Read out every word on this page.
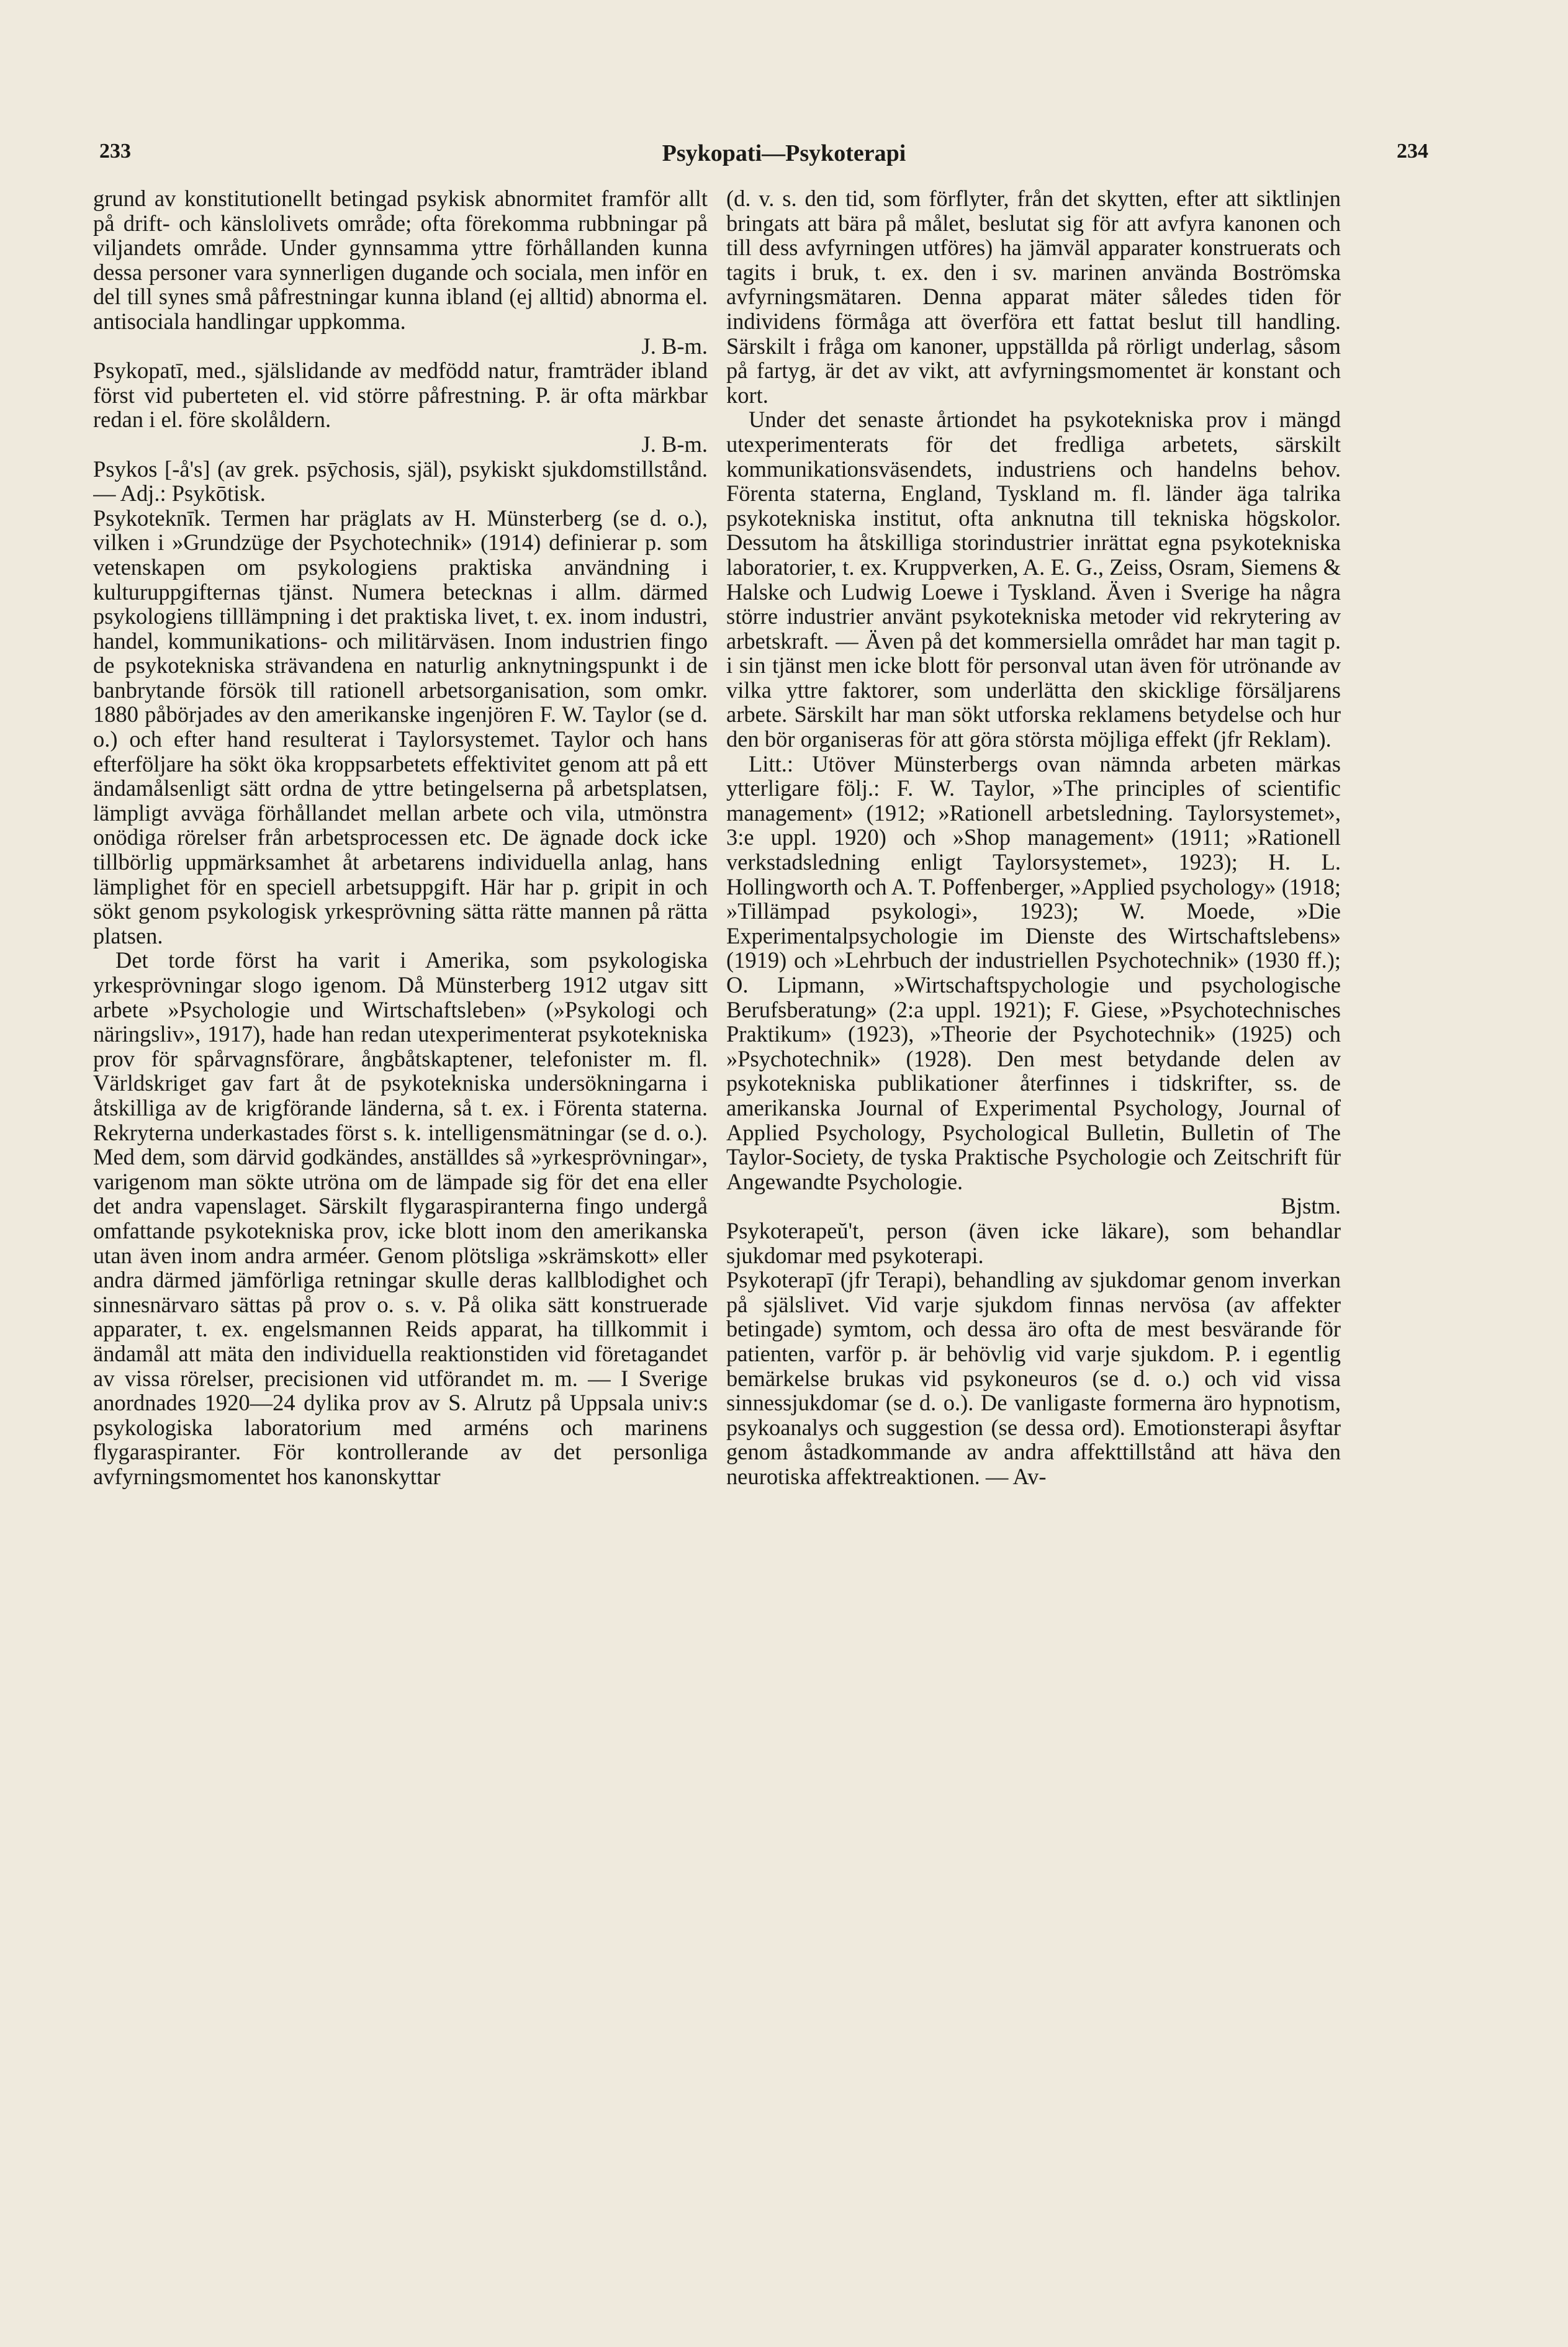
233	Psykopati—Psykoterapi	234

grund av konstitutionellt betingad psykisk abnormitet framför allt på drift- och känslolivets område; ofta förekomma rubbningar på viljandets område. Under gynnsamma yttre förhållanden kunna dessa personer vara synnerligen dugande och sociala, men inför en del till synes små påfrestningar kunna ibland (ej alltid) abnorma el. antisociala handlingar uppkomma.

J. B-m.

Psykopatī, med., själslidande av medfödd natur, framträder ibland först vid puberteten el. vid större påfrestning. P. är ofta märkbar redan i el. före skolåldern.

J. B-m.

Psykos [-å's] (av grek. psȳchosis, själ), psykiskt sjukdomstillstånd. — Adj.: Psykōtisk.

Psykoteknīk. Termen har präglats av H. Münsterberg (se d. o.), vilken i »Grundzüge der Psychotechnik» (1914) definierar p. som vetenskapen om psykologiens praktiska användning i kulturuppgifternas tjänst. Numera betecknas i allm. därmed psykologiens tilllämpning i det praktiska livet, t. ex. inom industri, handel, kommunikations- och militärväsen. Inom industrien fingo de psykotekniska strävandena en naturlig anknytningspunkt i de banbrytande försök till rationell arbetsorganisation, som omkr. 1880 påbörjades av den amerikanske ingenjören F. W. Taylor (se d. o.) och efter hand resulterat i Taylorsystemet. Taylor och hans efterföljare ha sökt öka kroppsarbetets effektivitet genom att på ett ändamålsenligt sätt ordna de yttre betingelserna på arbetsplatsen, lämpligt avväga förhållandet mellan arbete och vila, utmönstra onödiga rörelser från arbetsprocessen etc. De ägnade dock icke tillbörlig uppmärksamhet åt arbetarens individuella anlag, hans lämplighet för en speciell arbetsuppgift. Här har p. gripit in och sökt genom psykologisk yrkesprövning sätta rätte mannen på rätta platsen.

Det torde först ha varit i Amerika, som psykologiska yrkesprövningar slogo igenom. Då Münsterberg 1912 utgav sitt arbete »Psychologie und Wirtschaftsleben» (»Psykologi och näringsliv», 1917), hade han redan utexperimenterat psykotekniska prov för spårvagnsförare, ångbåtskaptener, telefonister m. fl. Världskriget gav fart åt de psykotekniska undersökningarna i åtskilliga av de krigförande länderna, så t. ex. i Förenta staterna. Rekryterna underkastades först s. k. intelligensmätningar (se d. o.). Med dem, som därvid godkändes, anställdes så »yrkesprövningar», varigenom man sökte utröna om de lämpade sig för det ena eller det andra vapenslaget. Särskilt flygaraspiranterna fingo undergå omfattande psykotekniska prov, icke blott inom den amerikanska utan även inom andra arméer. Genom plötsliga »skrämskott» eller andra därmed jämförliga retningar skulle deras kallblodighet och sinnesnärvaro sättas på prov o. s. v. På olika sätt konstruerade apparater, t. ex. engelsmannen Reids apparat, ha tillkommit i ändamål att mäta den individuella reaktionstiden vid företagandet av vissa rörelser, precisionen vid utförandet m. m. — I Sverige anordnades 1920—24 dylika prov av S. Alrutz på Uppsala univ:s psykologiska laboratorium med arméns och marinens flygaraspiranter. För kontrollerande av det personliga avfyrningsmomentet hos kanonskyttar

(d. v. s. den tid, som förflyter, från det skytten, efter att siktlinjen bringats att bära på målet, beslutat sig för att avfyra kanonen och till dess avfyrningen utföres) ha jämväl apparater konstruerats och tagits i bruk, t. ex. den i sv. marinen använda Boströmska avfyrningsmätaren. Denna apparat mäter således tiden för individens förmåga att överföra ett fattat beslut till handling. Särskilt i fråga om kanoner, uppställda på rörligt underlag, såsom på fartyg, är det av vikt, att avfyrningsmomentet är konstant och kort.

Under det senaste årtiondet ha psykotekniska prov i mängd utexperimenterats för det fredliga arbetets, särskilt kommunikationsväsendets, industriens och handelns behov. Förenta staterna, England, Tyskland m. fl. länder äga talrika psykotekniska institut, ofta anknutna till tekniska högskolor. Dessutom ha åtskilliga storindustrier inrättat egna psykotekniska laboratorier, t. ex. Kruppverken, A. E. G., Zeiss, Osram, Siemens & Halske och Ludwig Loewe i Tyskland. Även i Sverige ha några större industrier använt psykotekniska metoder vid rekrytering av arbetskraft. — Även på det kommersiella området har man tagit p. i sin tjänst men icke blott för personval utan även för utrönande av vilka yttre faktorer, som underlätta den skicklige försäljarens arbete. Särskilt har man sökt utforska reklamens betydelse och hur den bör organiseras för att göra största möjliga effekt (jfr Reklam).

Litt.: Utöver Münsterbergs ovan nämnda arbeten märkas ytterligare följ.: F. W. Taylor, »The principles of scientific management» (1912; »Rationell arbetsledning. Taylorsystemet», 3:e uppl. 1920) och »Shop management» (1911; »Rationell verkstadsledning enligt Taylorsystemet», 1923); H. L. Hollingworth och A. T. Poffenberger, »Applied psychology» (1918; »Tillämpad psykologi», 1923); W. Moede, »Die Experimentalpsychologie im Dienste des Wirtschaftslebens» (1919) och »Lehrbuch der industriellen Psychotechnik» (1930 ff.); O. Lipmann, »Wirtschaftspychologie und psychologische Berufsberatung» (2:a uppl. 1921); F. Giese, »Psychotechnisches Praktikum» (1923), »Theorie der Psychotechnik» (1925) och »Psychotechnik» (1928). Den mest betydande delen av psykotekniska publikationer återfinnes i tidskrifter, ss. de amerikanska Journal of Experimental Psychology, Journal of Applied Psychology, Psychological Bulletin, Bulletin of The Taylor-Society, de tyska Praktische Psychologie och Zeitschrift für Angewandte Psychologie.

Bjstm.

Psykoterapeŭ't, person (även icke läkare), som behandlar sjukdomar med psykoterapi.

Psykoterapī (jfr Terapi), behandling av sjukdomar genom inverkan på själslivet. Vid varje sjukdom finnas nervösa (av affekter betingade) symtom, och dessa äro ofta de mest besvärande för patienten, varför p. är behövlig vid varje sjukdom. P. i egentlig bemärkelse brukas vid psykoneuros (se d. o.) och vid vissa sinnessjukdomar (se d. o.). De vanligaste formerna äro hypnotism, psykoanalys och suggestion (se dessa ord). Emotionsterapi åsyftar genom åstadkommande av andra affekttillstånd att häva den neurotiska affektreaktionen. — Av-
